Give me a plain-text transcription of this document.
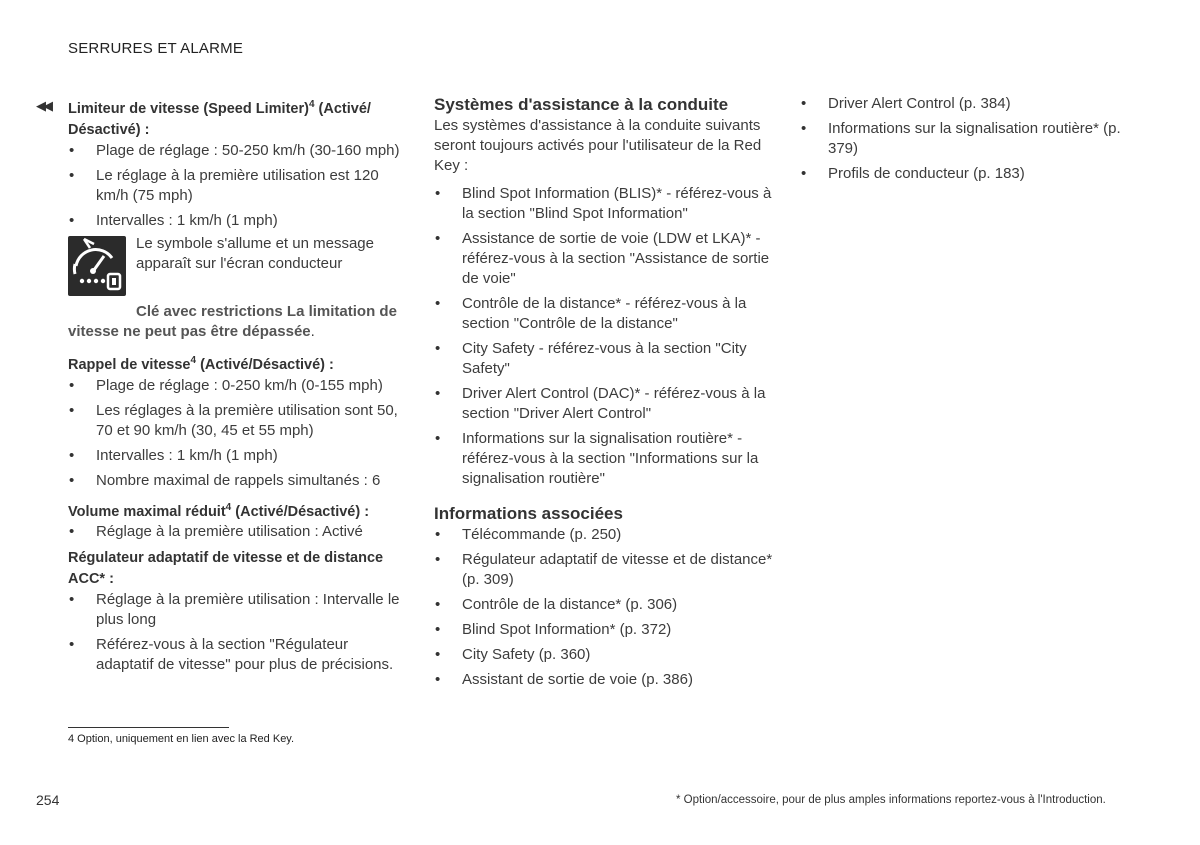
SERRURES ET ALARME
◀◀ Limiteur de vitesse (Speed Limiter)$^4$ (Activé/ Désactivé) :
• Plage de réglage : 50-250 km/h (30-160 mph)
• Le réglage à la première utilisation est 120 km/h (75 mph)
• Intervalles : 1 km/h (1 mph)
Le symbole s'allume et un message apparaît sur l'écran conducteur
Clé avec restrictions La limitation de vitesse ne peut pas être dépassée.
Rappel de vitesse$^4$ (Activé/Désactivé) :
• Plage de réglage : 0-250 km/h (0-155 mph)
• Les réglages à la première utilisation sont 50, 70 et 90 km/h (30, 45 et 55 mph)
• Intervalles : 1 km/h (1 mph)
• Nombre maximal de rappels simultanés : 6
Volume maximal réduit$^4$ (Activé/Désactivé) :
• Réglage à la première utilisation : Activé
Régulateur adaptatif de vitesse et de distance ACC* :
• Réglage à la première utilisation : Intervalle le plus long
• Référez-vous à la section "Régulateur adaptatif de vitesse" pour plus de précisions.
Systèmes d'assistance à la conduite
Les systèmes d'assistance à la conduite suivants seront toujours activés pour l'utilisateur de la Red Key :
• Blind Spot Information (BLIS)* - référez-vous à la section "Blind Spot Information"
• Assistance de sortie de voie (LDW et LKA)* - référez-vous à la section "Assistance de sortie de voie"
• Contrôle de la distance* - référez-vous à la section "Contrôle de la distance"
• City Safety - référez-vous à la section "City Safety"
• Driver Alert Control (DAC)* - référez-vous à la section "Driver Alert Control"
• Informations sur la signalisation routière* - référez-vous à la section "Informations sur la signalisation routière"
Informations associées
• Télécommande (p. 250)
• Régulateur adaptatif de vitesse et de distance* (p. 309)
• Contrôle de la distance* (p. 306)
• Blind Spot Information* (p. 372)
• City Safety (p. 360)
• Assistant de sortie de voie (p. 386)
• Driver Alert Control (p. 384)
• Informations sur la signalisation routière* (p. 379)
• Profils de conducteur (p. 183)
4 Option, uniquement en lien avec la Red Key.
254	* Option/accessoire, pour de plus amples informations reportez-vous à l'Introduction.
